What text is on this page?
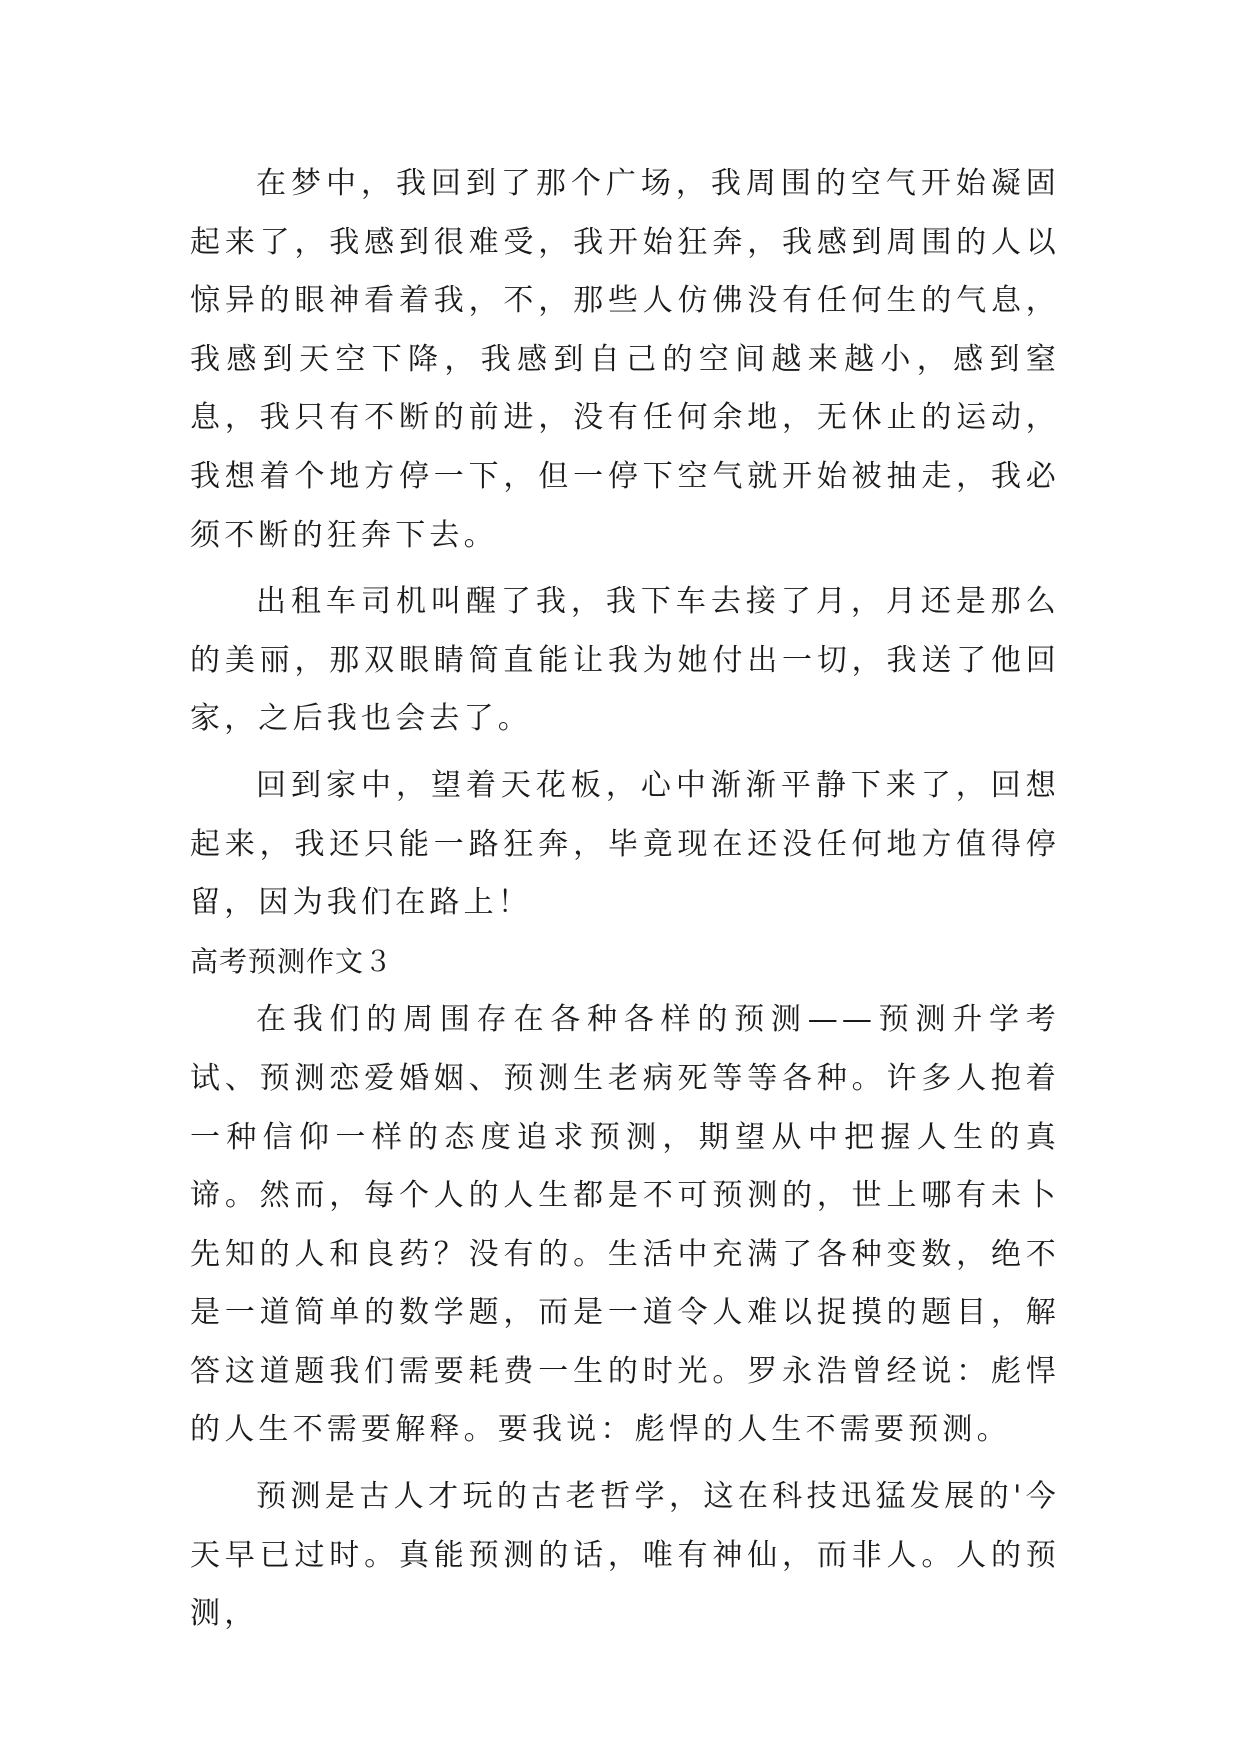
在梦中，我回到了那个广场，我周围的空气开始凝固起来了，我感到很难受，我开始狂奔，我感到周围的人以惊异的眼神看着我，不，那些人仿佛没有任何生的气息，我感到天空下降，我感到自己的空间越来越小，感到窒息，我只有不断的前进，没有任何余地，无休止的运动，我想着个地方停一下，但一停下空气就开始被抽走，我必须不断的狂奔下去。

出租车司机叫醒了我，我下车去接了月，月还是那么的美丽，那双眼睛简直能让我为她付出一切，我送了他回家，之后我也会去了。

回到家中，望着天花板，心中渐渐平静下来了，回想起来，我还只能一路狂奔，毕竟现在还没任何地方值得停留，因为我们在路上！

高考预测作文３

在我们的周围存在各种各样的预测——预测升学考试、预测恋爱婚姻、预测生老病死等等各种。许多人抱着一种信仰一样的态度追求预测，期望从中把握人生的真谛。然而，每个人的人生都是不可预测的，世上哪有未卜先知的人和良药？没有的。生活中充满了各种变数，绝不是一道简单的数学题，而是一道令人难以捉摸的题目，解答这道题我们需要耗费一生的时光。罗永浩曾经说：彪悍的人生不需要解释。要我说：彪悍的人生不需要预测。

预测是古人才玩的古老哲学，这在科技迅猛发展的'今天早已过时。真能预测的话，唯有神仙，而非人。人的预测，
